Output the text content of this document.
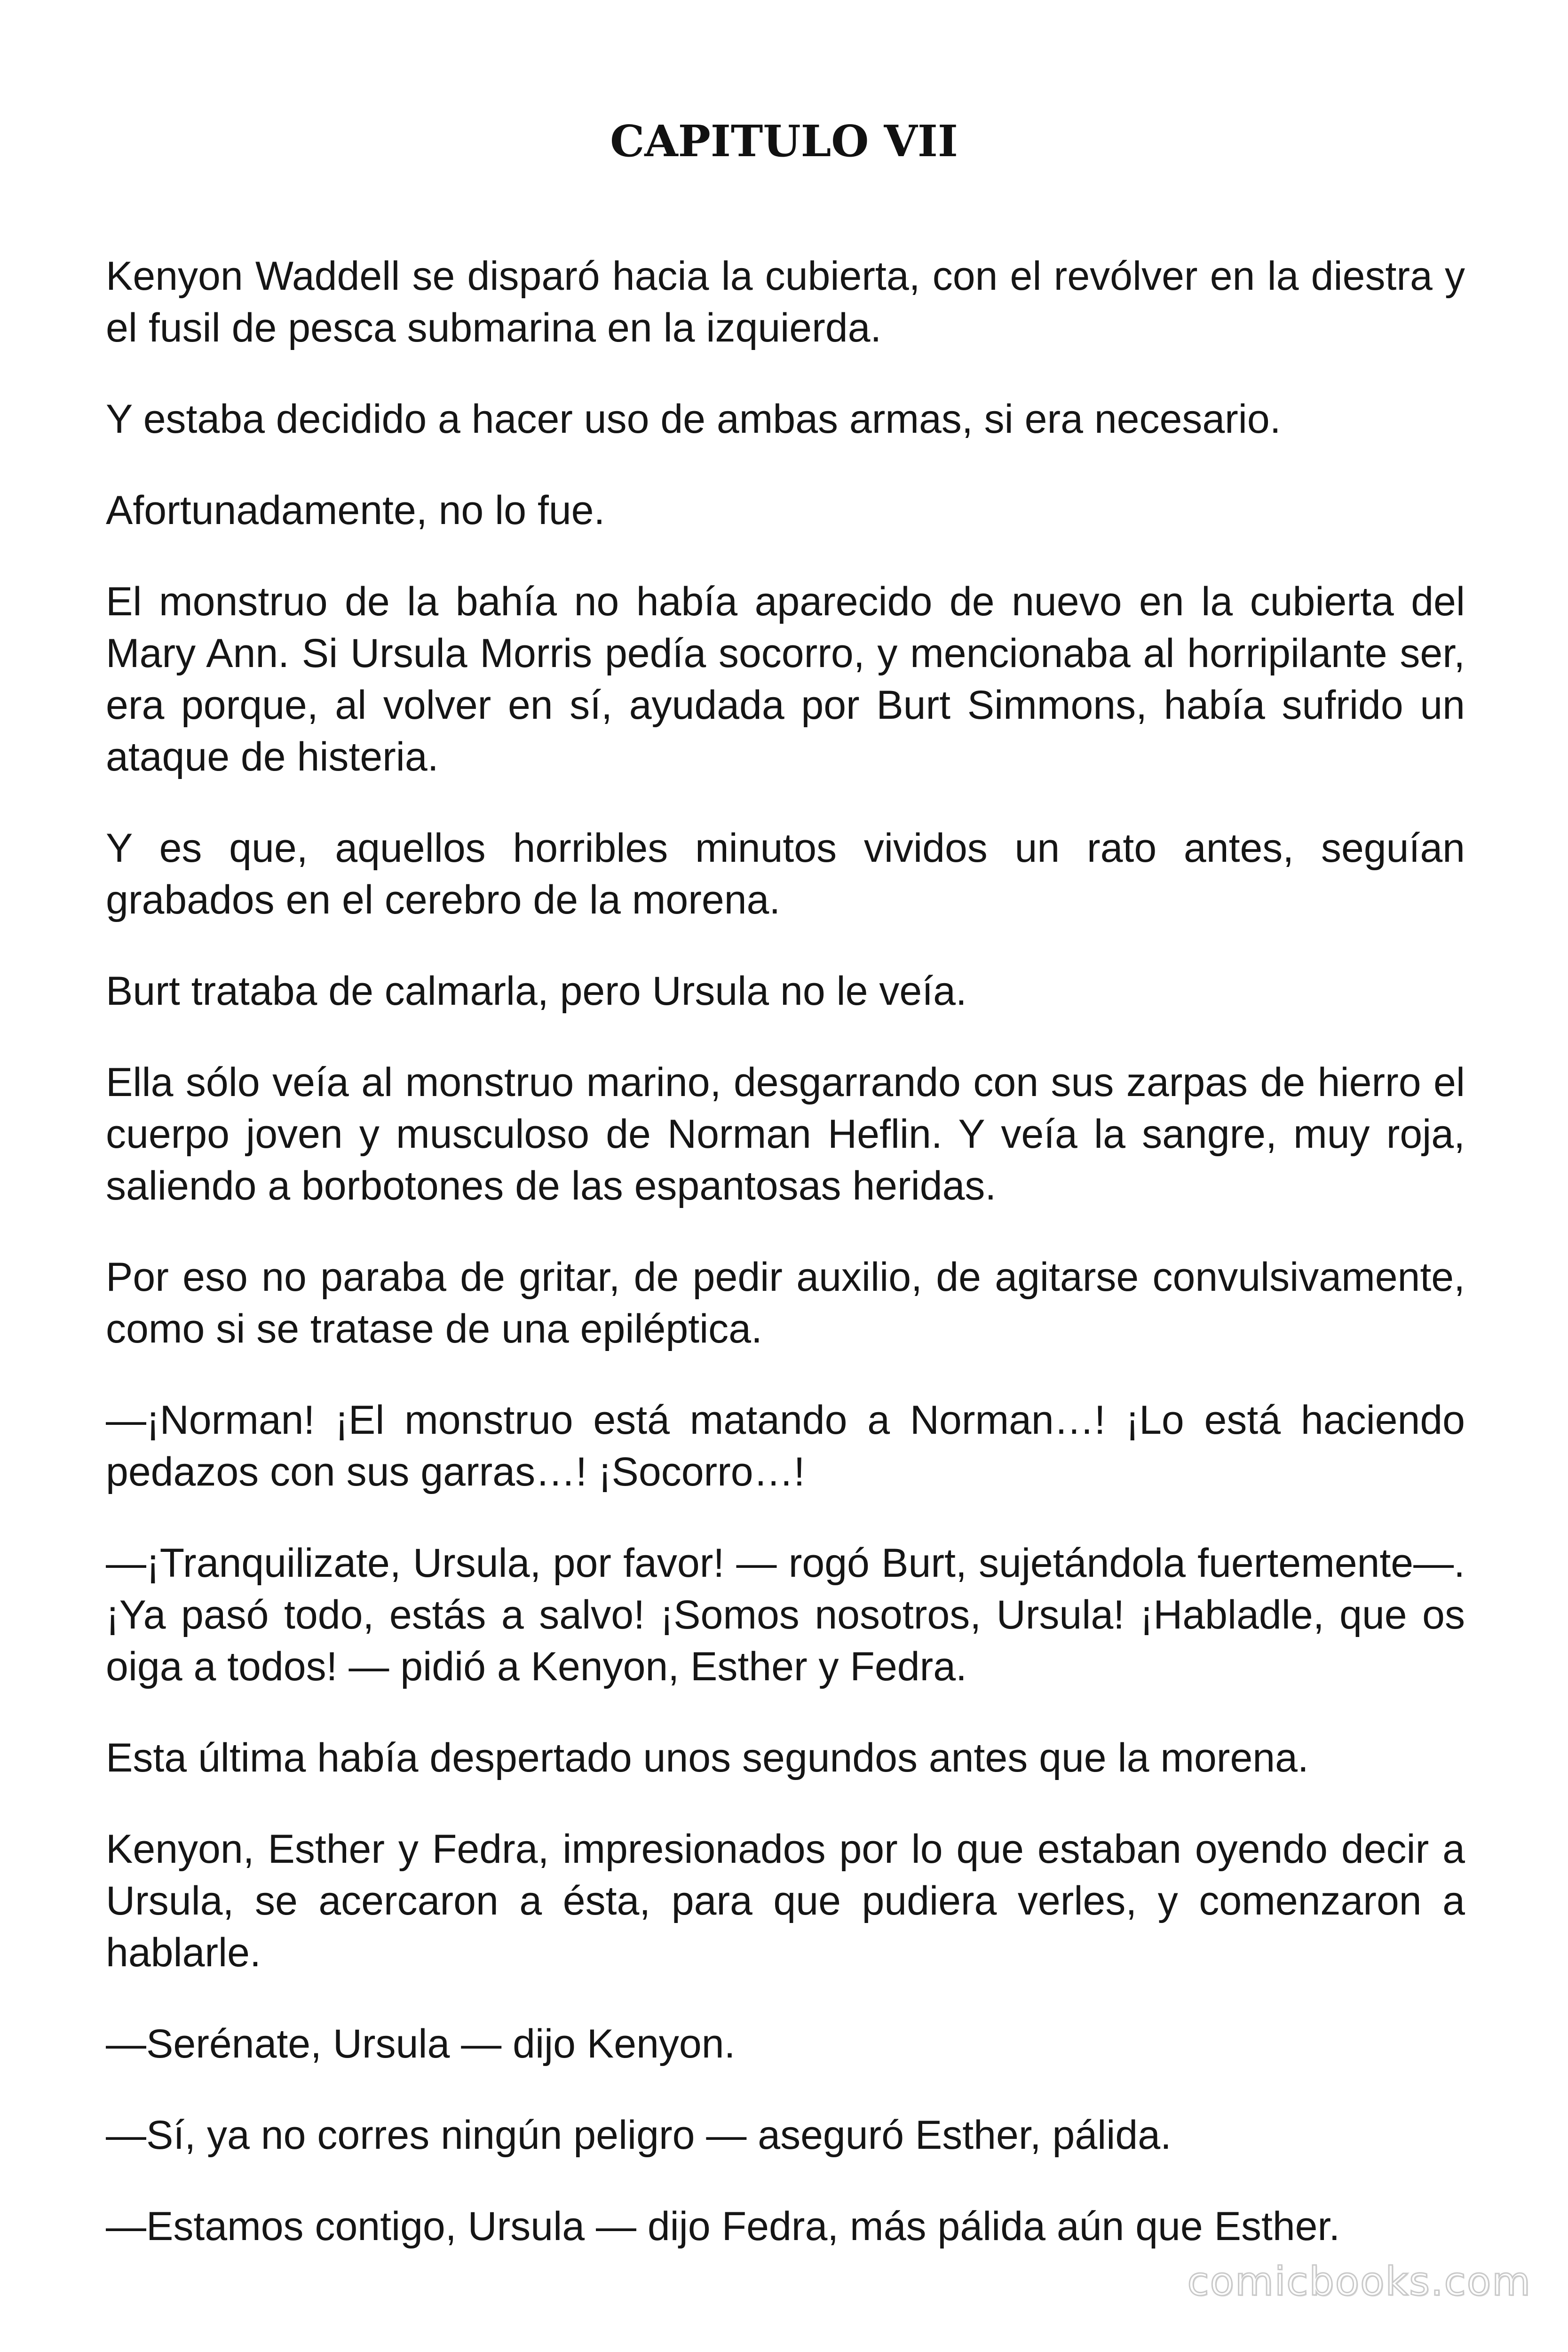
CAPITULO VII

Kenyon Waddell se disparó hacia la cubierta, con el revólver en la diestra y el fusil de pesca submarina en la izquierda.

Y estaba decidido a hacer uso de ambas armas, si era necesario.

Afortunadamente, no lo fue.

El monstruo de la bahía no había aparecido de nuevo en la cubierta del Mary Ann. Si Ursula Morris pedía socorro, y mencionaba al horripilante ser, era porque, al volver en sí, ayudada por Burt Simmons, había sufrido un ataque de histeria.

Y es que, aquellos horribles minutos vividos un rato antes, seguían grabados en el cerebro de la morena.

Burt trataba de calmarla, pero Ursula no le veía.

Ella sólo veía al monstruo marino, desgarrando con sus zarpas de hierro el cuerpo joven y musculoso de Norman Heflin. Y veía la sangre, muy roja, saliendo a borbotones de las espantosas heridas.

Por eso no paraba de gritar, de pedir auxilio, de agitarse convulsivamente, como si se tratase de una epiléptica.

—¡Norman! ¡El monstruo está matando a Norman…! ¡Lo está haciendo pedazos con sus garras…! ¡Socorro…!

—¡Tranquilizate, Ursula, por favor! — rogó Burt, sujetándola fuertemente—. ¡Ya pasó todo, estás a salvo! ¡Somos nosotros, Ursula! ¡Habladle, que os oiga a todos! — pidió a Kenyon, Esther y Fedra.

Esta última había despertado unos segundos antes que la morena.

Kenyon, Esther y Fedra, impresionados por lo que estaban oyendo decir a Ursula, se acercaron a ésta, para que pudiera verles, y comenzaron a hablarle.

—Serénate, Ursula — dijo Kenyon.

—Sí, ya no corres ningún peligro — aseguró Esther, pálida.

—Estamos contigo, Ursula — dijo Fedra, más pálida aún que Esther.

comicbooks.com
